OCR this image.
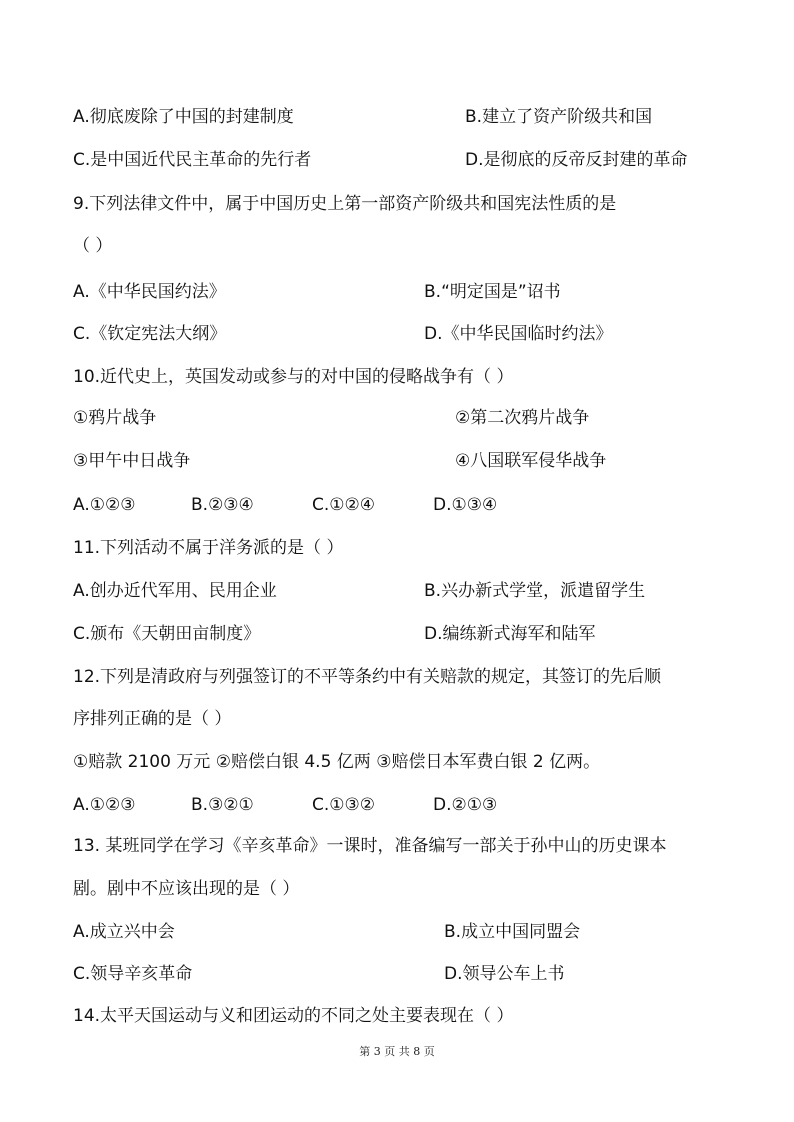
A.彻底废除了中国的封建制度	B.建立了资产阶级共和国
C.是中国近代民主革命的先行者	D.是彻底的反帝反封建的革命
9.下列法律文件中，属于中国历史上第一部资产阶级共和国宪法性质的是
（ ）
A.《中华民国约法》	B.“明定国是”诏书
C.《钦定宪法大纲》	D.《中华民国临时约法》
10.近代史上，英国发动或参与的对中国的侵略战争有（ ）
①鸦片战争	②第二次鸦片战争
③甲午中日战争	④八国联军侵华战争
A.①②③	B.②③④	C.①②④	D.①③④
11.下列活动不属于洋务派的是（ ）
A.创办近代军用、民用企业	B.兴办新式学堂，派遣留学生
C.颁布《天朝田亩制度》	D.编练新式海军和陆军
12.下列是清政府与列强签订的不平等条约中有关赔款的规定，其签订的先后顺
序排列正确的是（ ）
①赔款 2100 万元 ②赔偿白银 4.5 亿两 ③赔偿日本军费白银 2 亿两。
A.①②③	B.③②①	C.①③②	D.②①③
13. 某班同学在学习《辛亥革命》一课时，准备编写一部关于孙中山的历史课本
剧。剧中不应该出现的是（ ）
A.成立兴中会	B.成立中国同盟会
C.领导辛亥革命	D.领导公车上书
14.太平天国运动与义和团运动的不同之处主要表现在（ ）
第 3 页 共 8 页
